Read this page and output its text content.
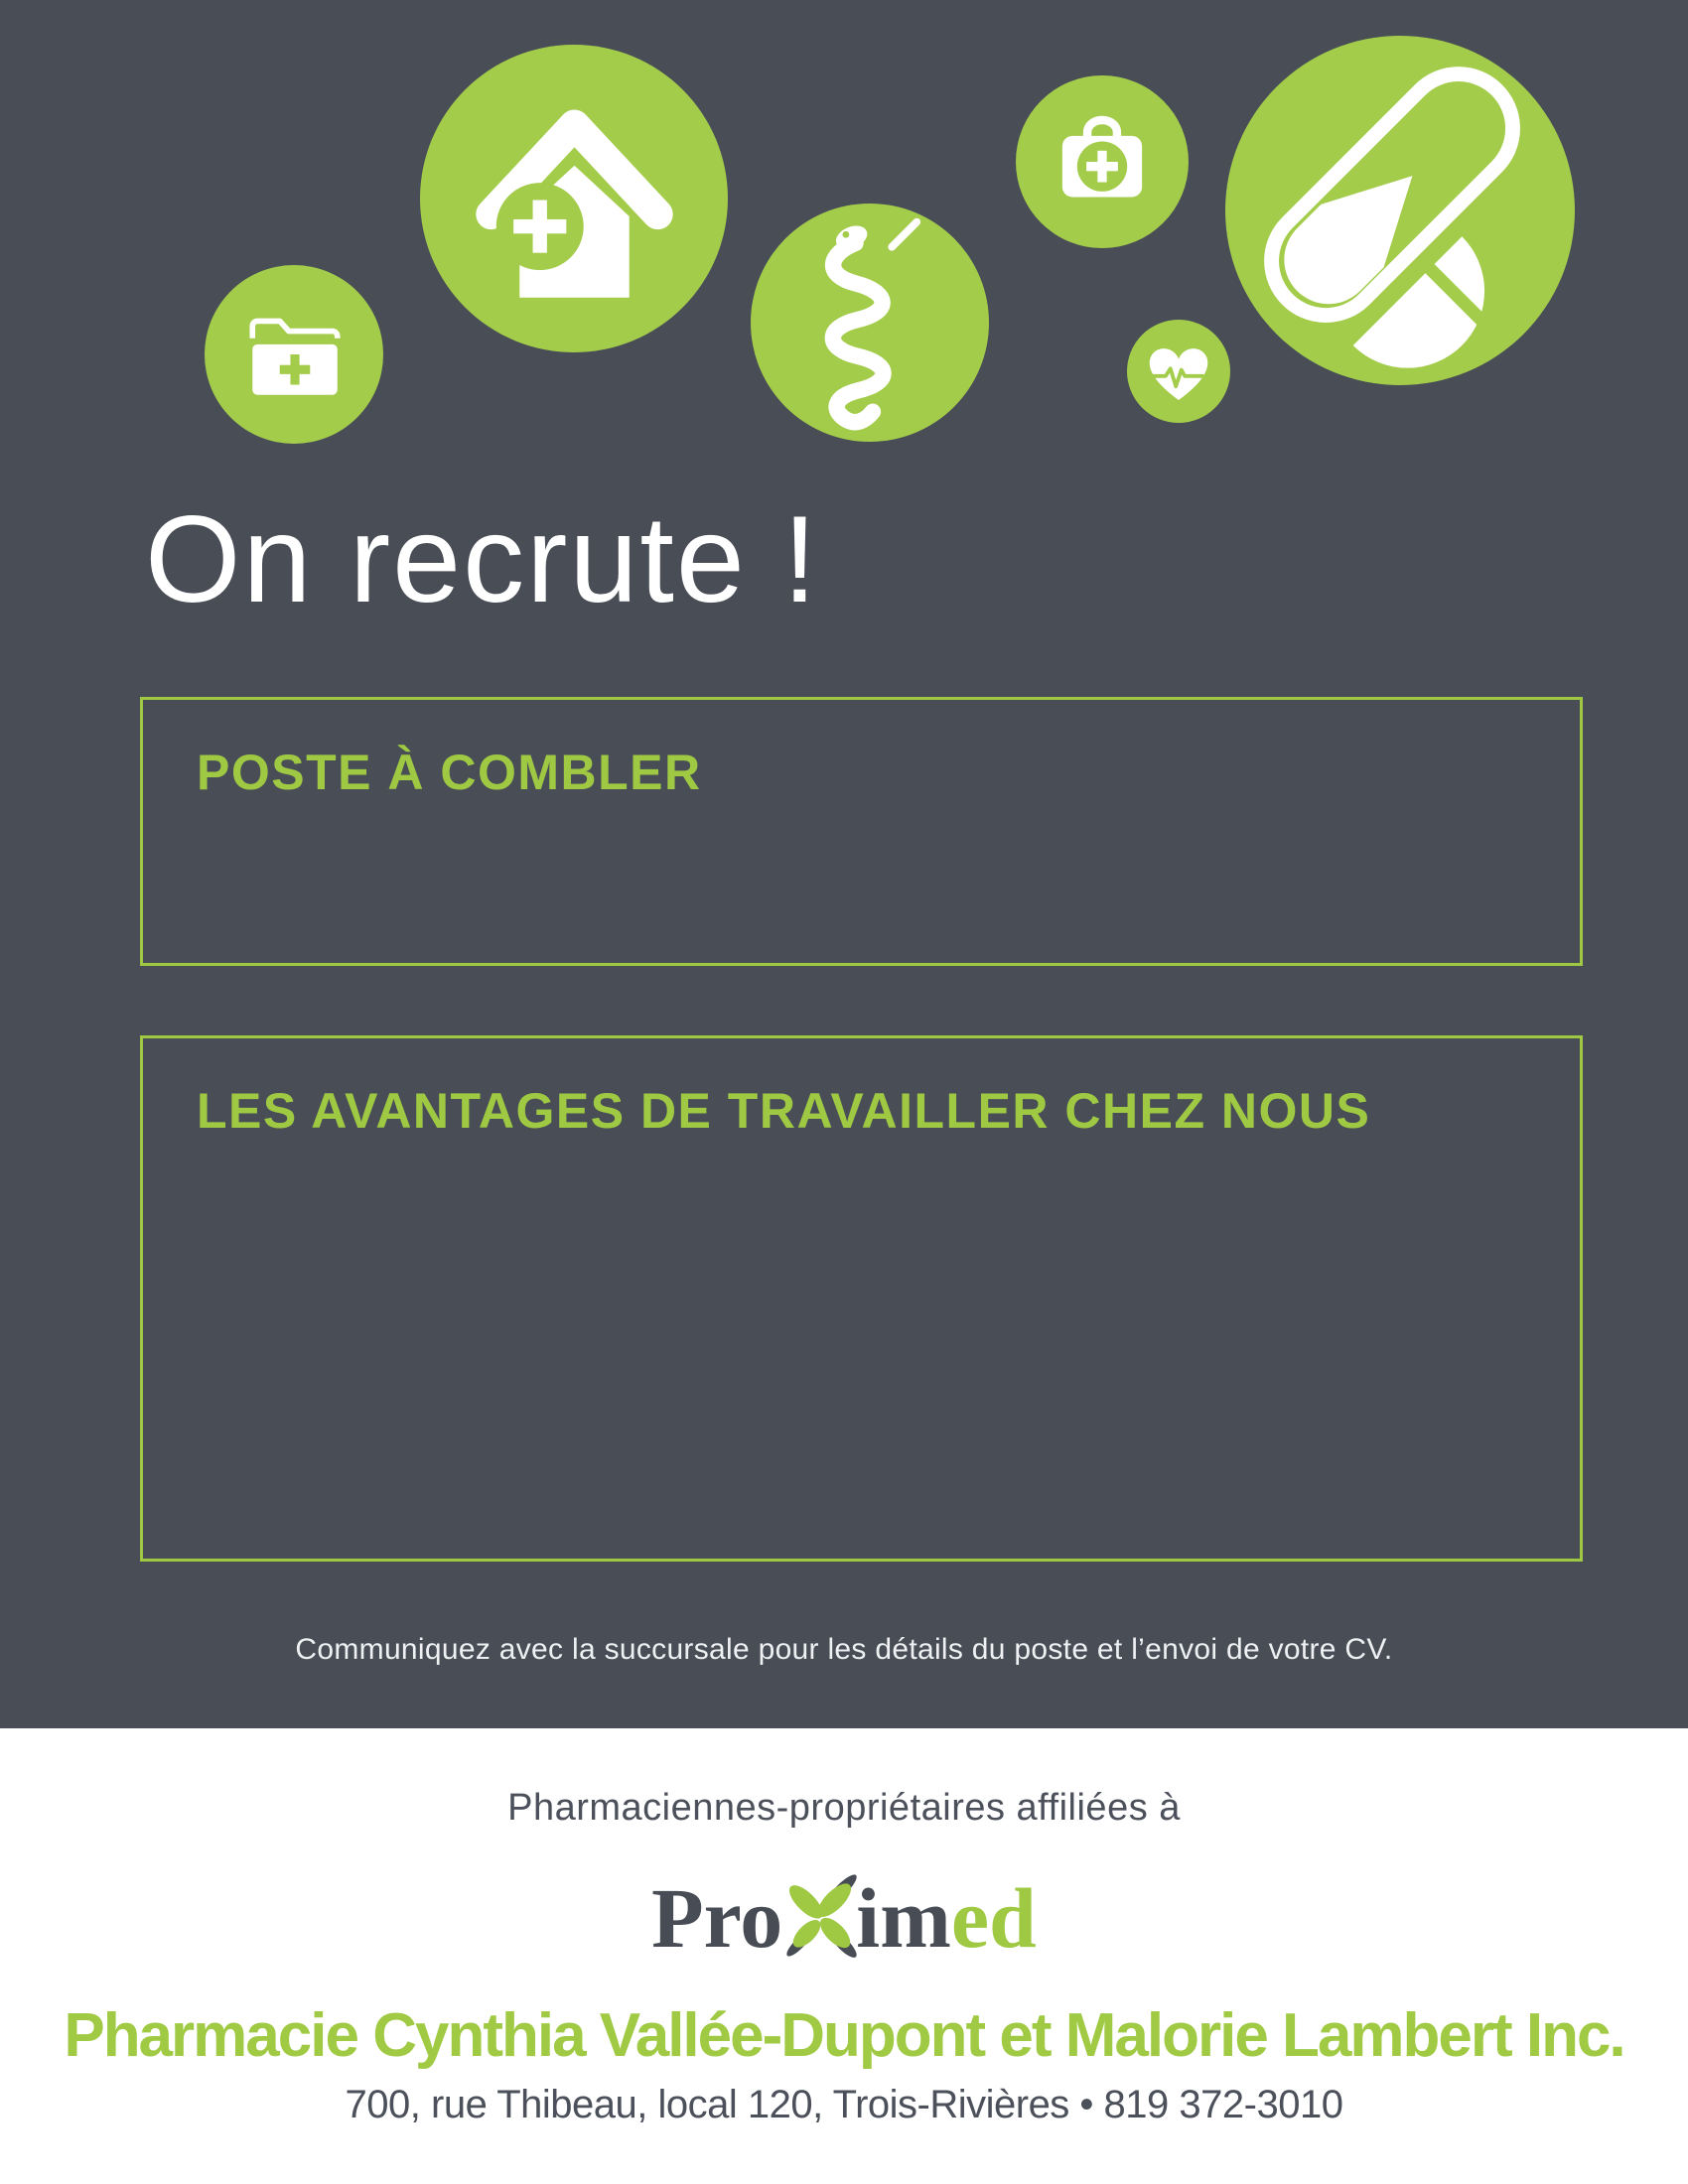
On recrute !
POSTE À COMBLER
LES AVANTAGES DE TRAVAILLER CHEZ NOUS

Communiquez avec la succursale pour les détails du poste et l’envoi de votre CV.

Pharmaciennes-propriétaires affiliées à

Pro imed

Pharmacie Cynthia Vallée-Dupont et Malorie Lambert Inc.

700, rue Thibeau, local 120, Trois-Rivières • 819 372-3010
